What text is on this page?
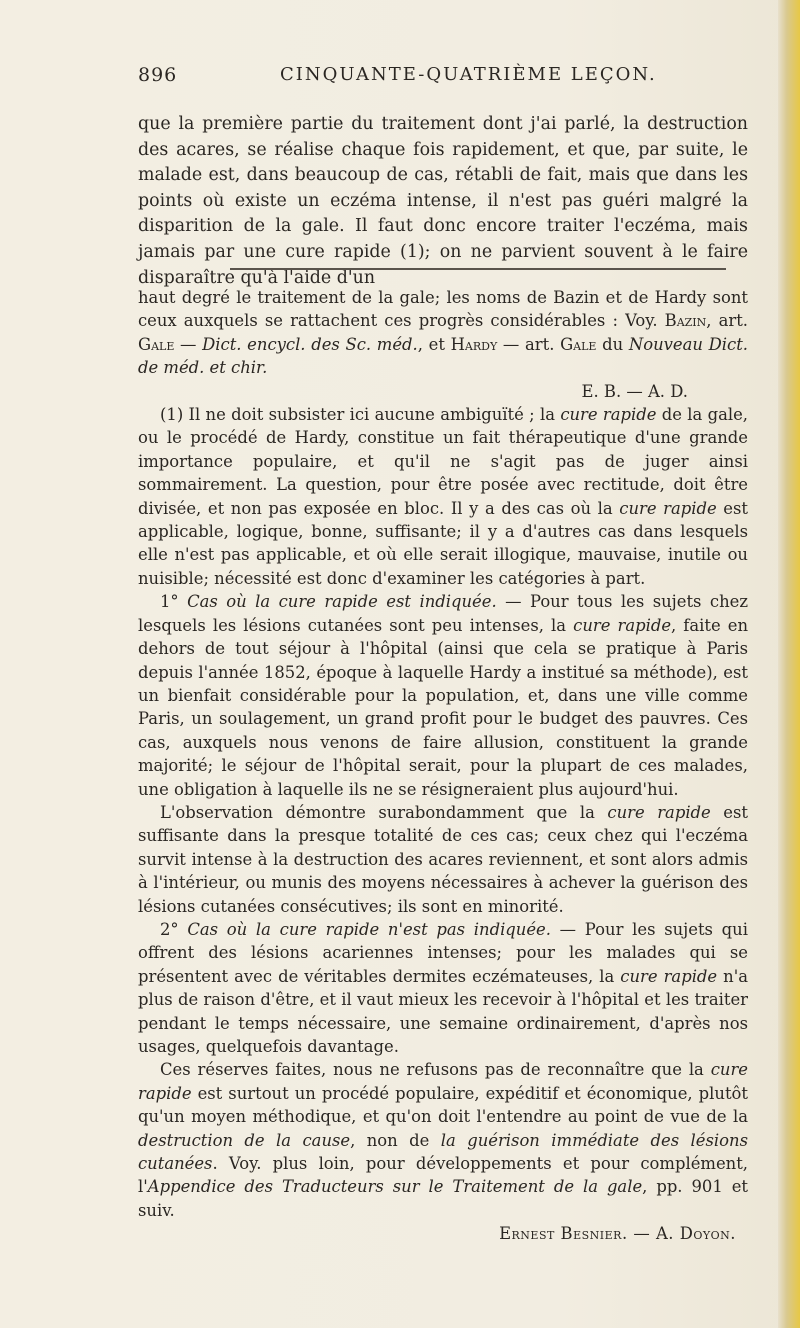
896	CINQUANTE-QUATRIÈME LEÇON.

que la première partie du traitement dont j'ai parlé, la destruction des acares, se réalise chaque fois rapidement, et que, par suite, le malade est, dans beaucoup de cas, rétabli de fait, mais que dans les points où existe un eczéma intense, il n'est pas guéri malgré la disparition de la gale. Il faut donc encore traiter l'eczéma, mais jamais par une cure rapide (1); on ne parvient souvent à le faire disparaître qu'à l'aide d'un

haut degré le traitement de la gale; les noms de Bazin et de Hardy sont ceux auxquels se rattachent ces progrès considérables : Voy. Bazin, art. Gale — Dict. encycl. des Sc. méd., et Hardy — art. Gale du Nouveau Dict. de méd. et chir.

E. B. — A. D.

(1) Il ne doit subsister ici aucune ambiguïté ; la cure rapide de la gale, ou le procédé de Hardy, constitue un fait thérapeutique d'une grande importance populaire, et qu'il ne s'agit pas de juger ainsi sommairement. La question, pour être posée avec rectitude, doit être divisée, et non pas exposée en bloc. Il y a des cas où la cure rapide est applicable, logique, bonne, suffisante; il y a d'autres cas dans lesquels elle n'est pas applicable, et où elle serait illogique, mauvaise, inutile ou nuisible; nécessité est donc d'examiner les catégories à part.

1° Cas où la cure rapide est indiquée. — Pour tous les sujets chez lesquels les lésions cutanées sont peu intenses, la cure rapide, faite en dehors de tout séjour à l'hôpital (ainsi que cela se pratique à Paris depuis l'année 1852, époque à laquelle Hardy a institué sa méthode), est un bienfait considérable pour la population, et, dans une ville comme Paris, un soulagement, un grand profit pour le budget des pauvres. Ces cas, auxquels nous venons de faire allusion, constituent la grande majorité; le séjour de l'hôpital serait, pour la plupart de ces malades, une obligation à laquelle ils ne se résigneraient plus aujourd'hui.

L'observation démontre surabondamment que la cure rapide est suffisante dans la presque totalité de ces cas; ceux chez qui l'eczéma survit intense à la destruction des acares reviennent, et sont alors admis à l'intérieur, ou munis des moyens nécessaires à achever la guérison des lésions cutanées consécutives; ils sont en minorité.

2° Cas où la cure rapide n'est pas indiquée. — Pour les sujets qui offrent des lésions acariennes intenses; pour les malades qui se présentent avec de véritables dermites eczémateuses, la cure rapide n'a plus de raison d'être, et il vaut mieux les recevoir à l'hôpital et les traiter pendant le temps nécessaire, une semaine ordinairement, d'après nos usages, quelquefois davantage.

Ces réserves faites, nous ne refusons pas de reconnaître que la cure rapide est surtout un procédé populaire, expéditif et économique, plutôt qu'un moyen méthodique, et qu'on doit l'entendre au point de vue de la destruction de la cause, non de la guérison immédiate des lésions cutanées. Voy. plus loin, pour développements et pour complément, l'Appendice des Traducteurs sur le Traitement de la gale, pp. 901 et suiv.

Ernest Besnier. — A. Doyon.
